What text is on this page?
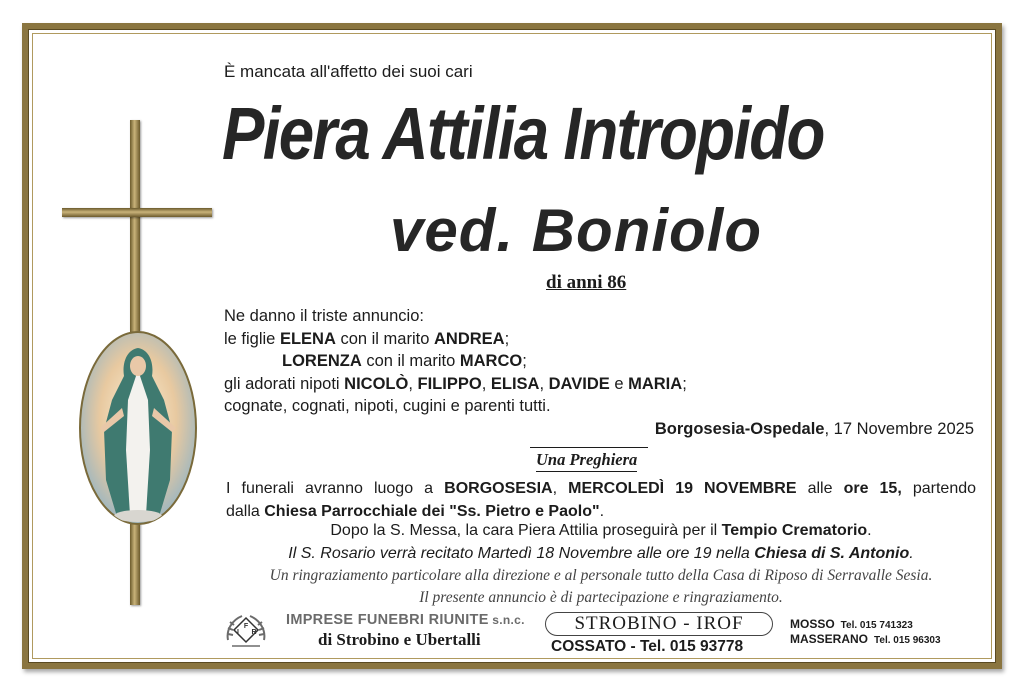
È mancata all'affetto dei suoi cari
Piera Attilia Intropido
ved. Boniolo
di anni 86
Ne danno il triste annuncio:
le figlie ELENA con il marito ANDREA;
LORENZA con il marito MARCO;
gli adorati nipoti NICOLÒ, FILIPPO, ELISA, DAVIDE e MARIA;
cognate, cognati, nipoti, cugini e parenti tutti.
Borgosesia-Ospedale, 17 Novembre 2025
Una Preghiera
I funerali avranno luogo a BORGOSESIA, MERCOLEDÌ 19 NOVEMBRE alle ore 15, partendo
dalla Chiesa Parrocchiale dei "Ss. Pietro e Paolo".
Dopo la S. Messa, la cara Piera Attilia proseguirà per il Tempio Crematorio.
Il S. Rosario verrà recitato Martedì 18 Novembre alle ore 19 nella Chiesa di S. Antonio.
Un ringraziamento particolare alla direzione e al personale tutto della Casa di Riposo di Serravalle Sesia.
Il presente annuncio è di partecipazione e ringraziamento.
F
I R
IMPRESE FUNEBRI RIUNITE s.n.c.
di Strobino e Ubertalli
STROBINO - IROF
COSSATO - Tel. 015 93778
MOSSO Tel. 015 741323
MASSERANO Tel. 015 96303
